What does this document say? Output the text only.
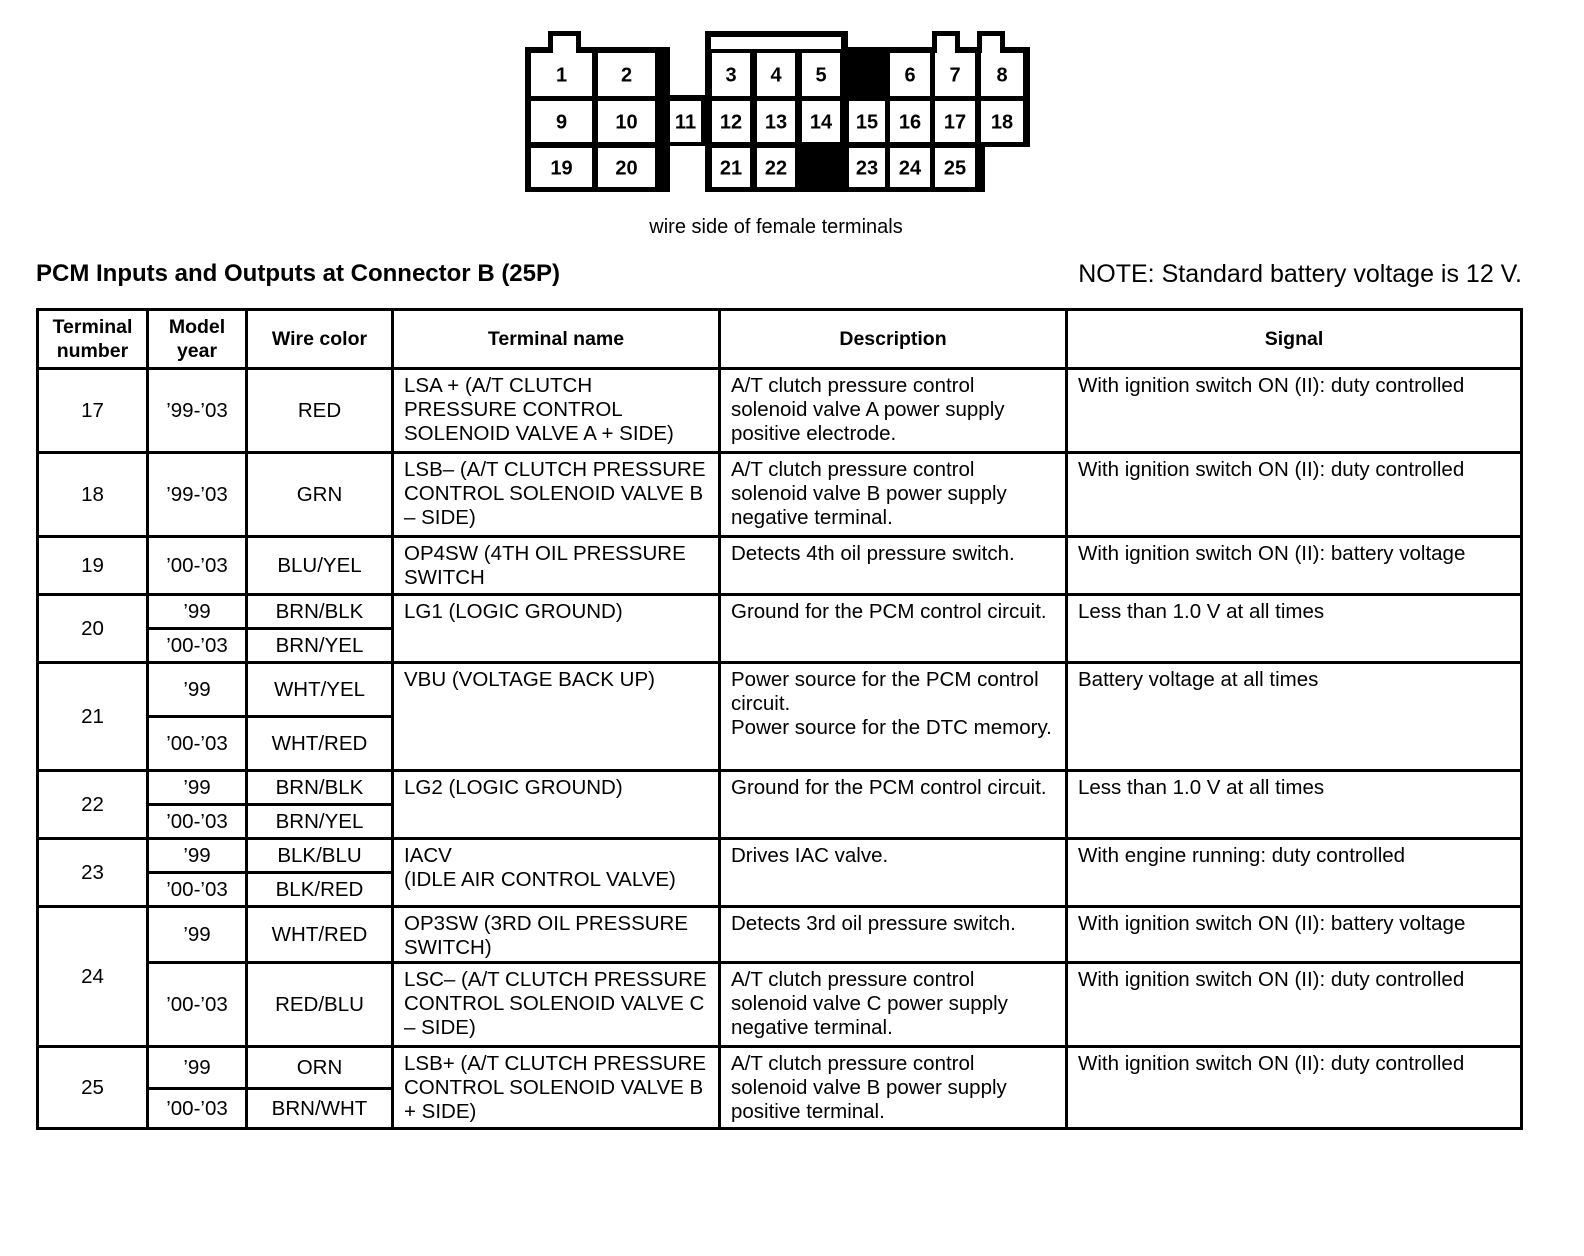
1	2	3 4 5	6 7 8
9 10 11 12 13 14 15 16 17 18
19 20	21 22	23 24 25
wire side of female terminals
PCM Inputs and Outputs at Connector B (25P)	NOTE: Standard battery voltage is 12 V.
Terminal number	Model year	Wire color	Terminal name	Description	Signal
17	’99-’03	RED	LSA + (A/T CLUTCH PRESSURE CONTROL SOLENOID VALVE A + SIDE)	A/T clutch pressure control solenoid valve A power supply positive electrode.	With ignition switch ON (II): duty controlled
18	’99-’03	GRN	LSB– (A/T CLUTCH PRESSURE CONTROL SOLENOID VALVE B – SIDE)	A/T clutch pressure control solenoid valve B power supply negative terminal.	With ignition switch ON (II): duty controlled
19	’00-’03	BLU/YEL	OP4SW (4TH OIL PRESSURE SWITCH	Detects 4th oil pressure switch.	With ignition switch ON (II): battery voltage
20	’99	BRN/BLK	LG1 (LOGIC GROUND)	Ground for the PCM control circuit.	Less than 1.0 V at all times
	’00-’03	BRN/YEL			
21	’99	WHT/YEL	VBU (VOLTAGE BACK UP)	Power source for the PCM control circuit.
Power source for the DTC memory.	Battery voltage at all times
	’00-’03	WHT/RED			
22	’99	BRN/BLK	LG2 (LOGIC GROUND)	Ground for the PCM control circuit.	Less than 1.0 V at all times
	’00-’03	BRN/YEL			
23	’99	BLK/BLU	IACV
(IDLE AIR CONTROL VALVE)	Drives IAC valve.	With engine running: duty controlled
	’00-’03	BLK/RED			
24	’99	WHT/RED	OP3SW (3RD OIL PRESSURE SWITCH)	Detects 3rd oil pressure switch.	With ignition switch ON (II): battery voltage
	’00-’03	RED/BLU	LSC– (A/T CLUTCH PRESSURE CONTROL SOLENOID VALVE C – SIDE)	A/T clutch pressure control solenoid valve C power supply negative terminal.	With ignition switch ON (II): duty controlled
25	’99	ORN	LSB+ (A/T CLUTCH PRESSURE CONTROL SOLENOID VALVE B + SIDE)	A/T clutch pressure control solenoid valve B power supply positive terminal.	With ignition switch ON (II): duty controlled
	’00-’03	BRN/WHT			
